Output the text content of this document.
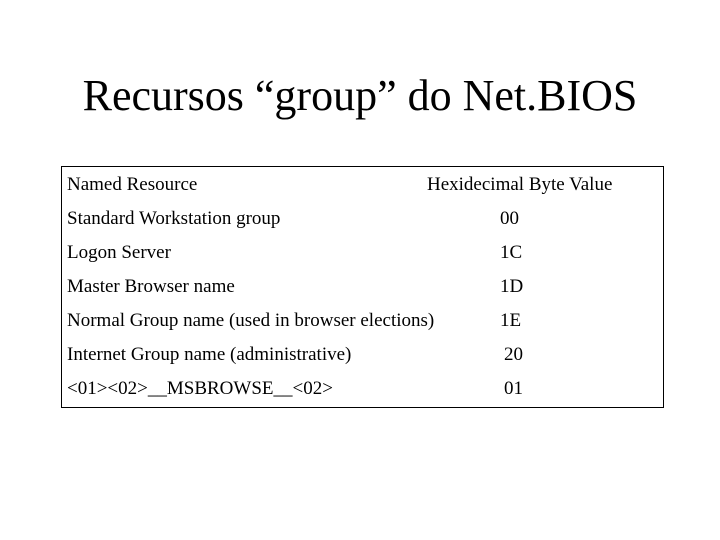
Recursos “group” do Net.BIOS
Named Resource	Hexidecimal Byte Value
Standard Workstation group	00
Logon Server	1C
Master Browser name	1D
Normal Group name (used in browser elections)	1E
Internet Group name (administrative)	20
<01><02>__MSBROWSE__<02>	01
